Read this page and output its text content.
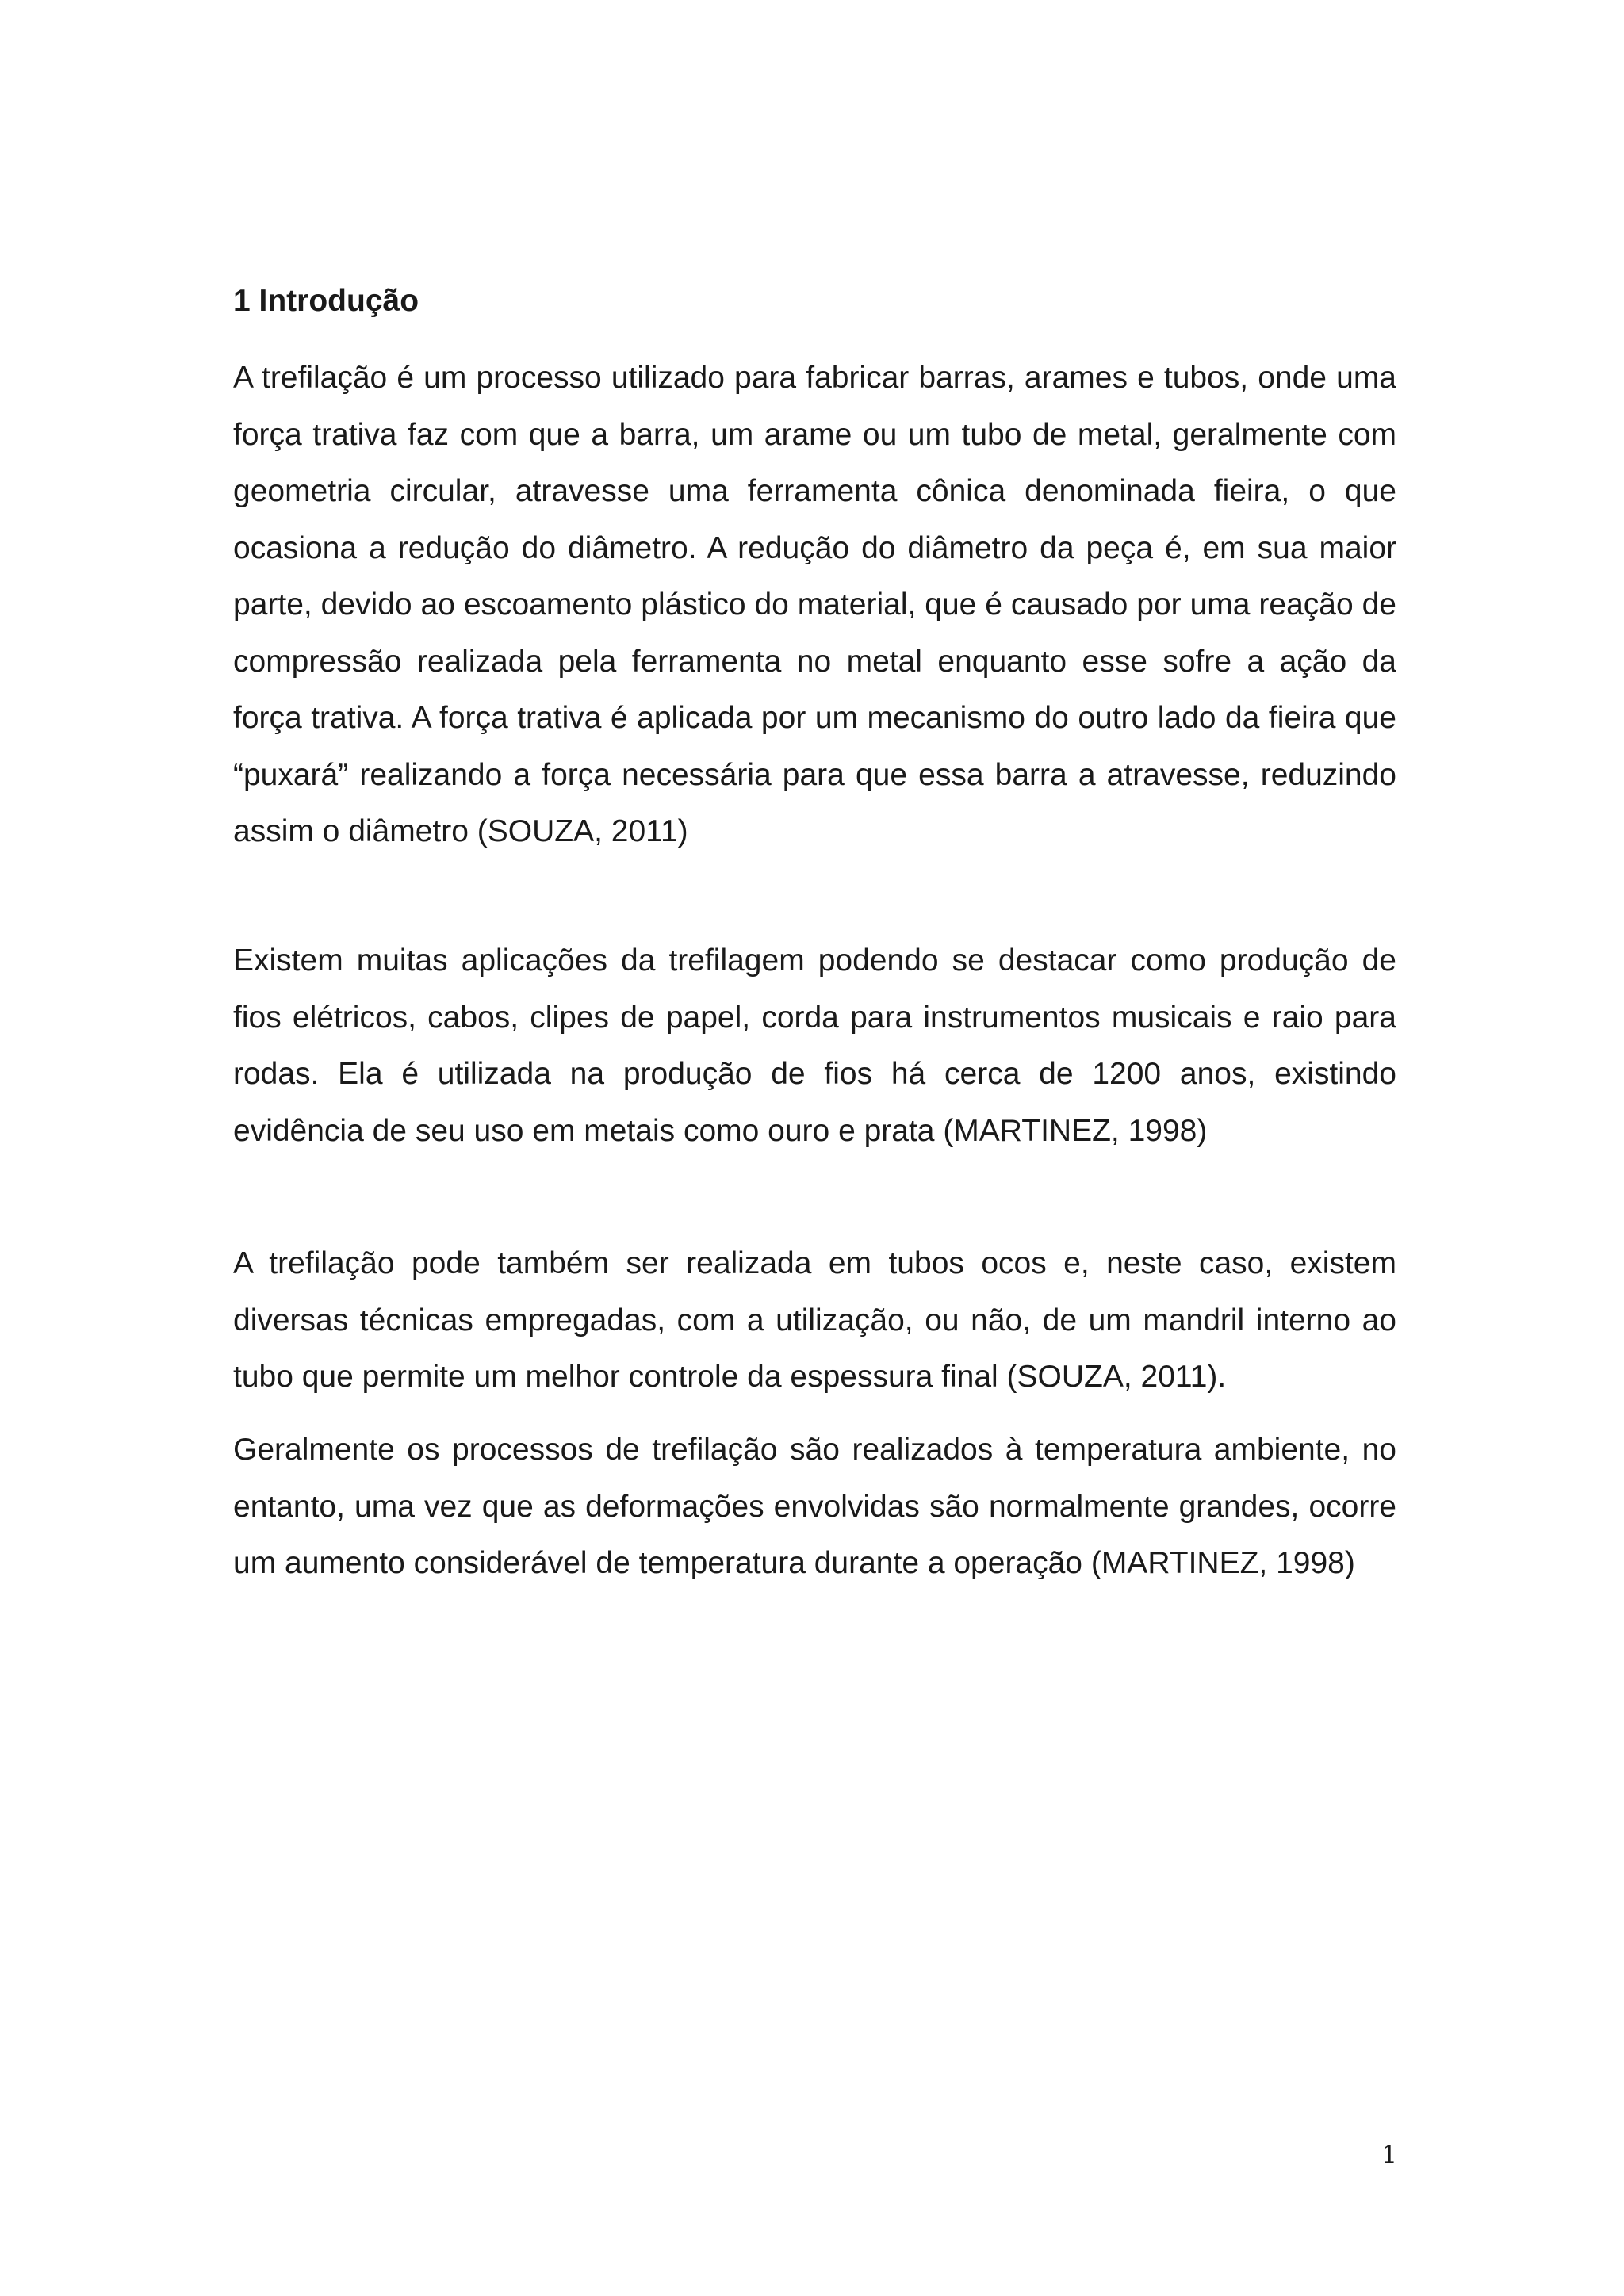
1 Introdução

A trefilação é um processo utilizado para fabricar barras, arames e tubos, onde uma força trativa faz com que a barra, um arame ou um tubo de metal, geralmente com geometria circular, atravesse uma ferramenta cônica denominada fieira, o que ocasiona a redução do diâmetro. A redução do diâmetro da peça é, em sua maior parte, devido ao escoamento plástico do material, que é causado por uma reação de compressão realizada pela ferramenta no metal enquanto esse sofre a ação da força trativa. A força trativa é aplicada por um mecanismo do outro lado da fieira que “puxará” realizando a força necessária para que essa barra a atravesse, reduzindo assim o diâmetro (SOUZA, 2011)

Existem muitas aplicações da trefilagem podendo se destacar como produção de fios elétricos, cabos, clipes de papel, corda para instrumentos musicais e raio para rodas. Ela é utilizada na produção de fios há cerca de 1200 anos, existindo evidência de seu uso em metais como ouro e prata (MARTINEZ, 1998)

A trefilação pode também ser realizada em tubos ocos e, neste caso, existem diversas técnicas empregadas, com a utilização, ou não, de um mandril interno ao tubo que permite um melhor controle da espessura final (SOUZA, 2011).

Geralmente os processos de trefilação são realizados à temperatura ambiente, no entanto, uma vez que as deformações envolvidas são normalmente grandes, ocorre um aumento considerável de temperatura durante a operação (MARTINEZ, 1998)

1
